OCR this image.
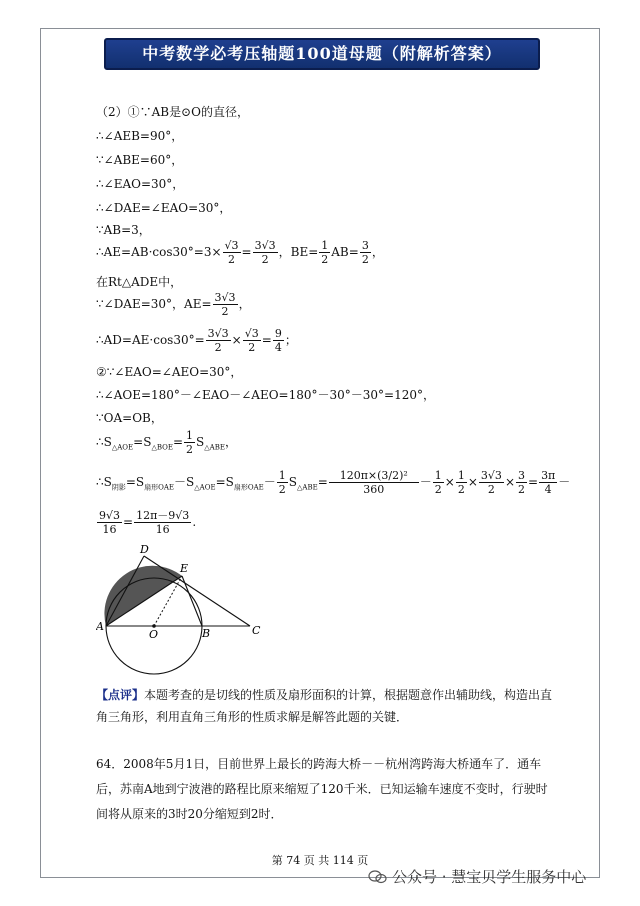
中考数学必考压轴题100道母题（附解析答案）
（2）①∵AB是⊙O的直径，
∴∠AEB=90°，
∵∠ABE=60°，
∴∠EAO=30°，
∴∠DAE=∠EAO=30°，
∵AB=3，
∴AE=AB·cos30°=3× $\frac{√3}{2} = \frac{3√3}{2}$ ，$BE= \frac{1}{2} AB= \frac{3}{2}$ ，
在Rt△ADE中，
∵∠DAE=30°，$AE= \frac{3√3}{2}$ ，
∴AD=AE·cos30°= $\frac{3√3}{2} \times \frac{√3}{2} = \frac{9}{4}$ ；
②∵∠EAO=∠AEO=30°，
∴∠AOE=180°－∠EAO－∠AEO=180°－30°－30°=120°，
∵OA=OB，
$\therefore S_{\triangle AOE}=S_{\triangle BOE}= \frac{1}{2} S_{\triangle ABE}$，
$\therefore S_{阴影}=S_{扇形OAE}-S_{\triangle AOE}=S_{扇形OAE}- \frac{1}{2} S_{\triangle ABE}= \frac{\text{120π×(3/2)²}}{360} - \frac{1}{2} \times \frac{1}{2} \times \frac{3√3}{2} \times \frac{3}{2} = \frac{3\pi}{4}$ －
$\frac{9√3}{16} = \frac{12\pi-9√3}{16}$ .
A
B	C
D
E
O
【点评】本题考查的是切线的性质及扇形面积的计算，根据题意作出辅助线，构造出直角三角形，利用直角三角形的性质求解是解答此题的关键．
64．2008年5月1日，目前世界上最长的跨海大桥－－杭州湾跨海大桥通车了．通车后，苏南A地到宁波港的路程比原来缩短了120千米．已知运输车速度不变时，行驶时间将从原来的3时20分缩短到2时．
第 74 页 共 114 页
公众号 · 慧宝贝学生服务中心
